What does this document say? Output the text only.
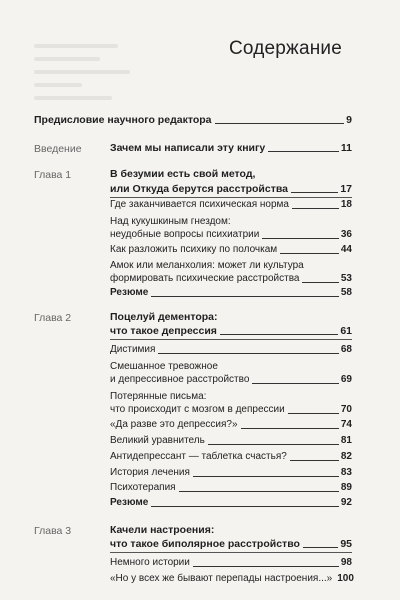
Содержание
Предисловие научного редактора	9
Введение	Зачем мы написали эту книгу	11
Глава 1	В безумии есть свой метод,
или Откуда берутся расстройства	17
Где заканчивается психическая норма	18
Над кукушкиным гнездом:
неудобные вопросы психиатрии	36
Как разложить психику по полочкам	44
Амок или меланхолия: может ли культура
формировать психические расстройства	53
Резюме	58
Глава 2	Поцелуй дементора:
что такое депрессия	61
Дистимия	68
Смешанное тревожное
и депрессивное расстройство	69
Потерянные письма:
что происходит с мозгом в депрессии	70
«Да разве это депрессия?»	74
Великий уравнитель	81
Антидепрессант — таблетка счастья?	82
История лечения	83
Психотерапия	89
Резюме	92
Глава 3	Качели настроения:
что такое биполярное расстройство	95
Немного истории	98
«Но у всех же бывают перепады настроения...» 100
